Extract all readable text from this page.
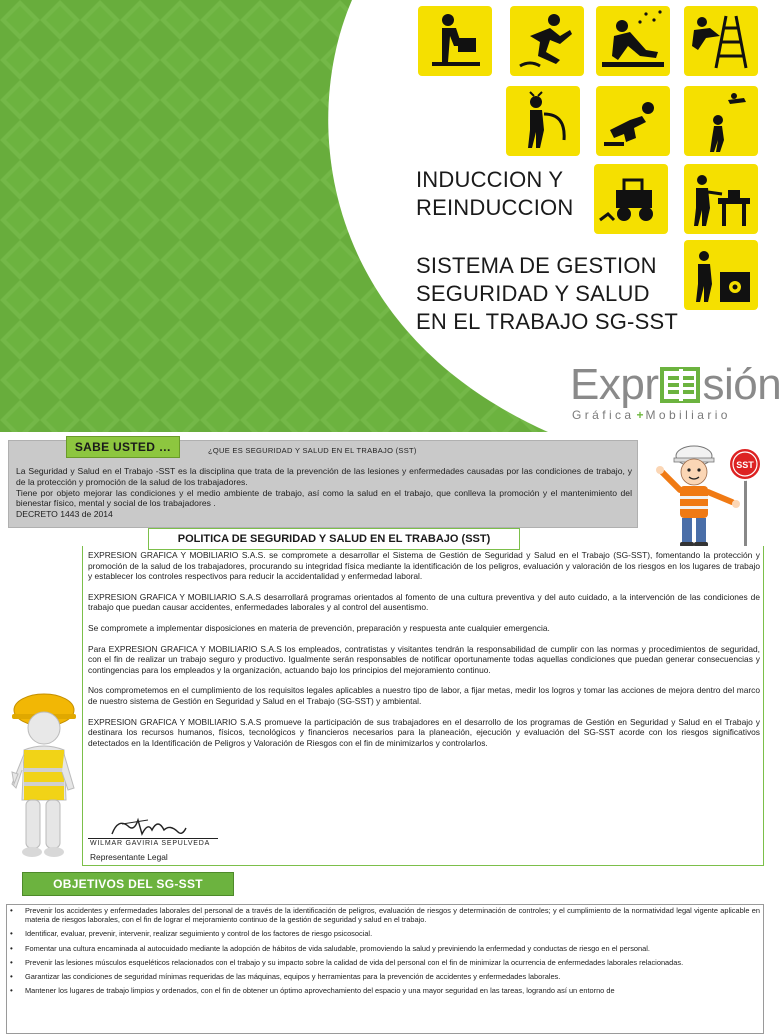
INDUCCION Y
REINDUCCION
SISTEMA DE GESTION
SEGURIDAD Y SALUD
EN EL TRABAJO SG-SST
Expr sión
Gráfica + Mobiliario
SABE USTED …	¿QUE ES SEGURIDAD Y SALUD EN EL TRABAJO (SST)

La Seguridad y Salud en el Trabajo -SST es la disciplina que trata de la prevención de las lesiones y enfermedades causadas por las condiciones de trabajo, y de la protección y promoción de la salud de los trabajadores.

Tiene por objeto mejorar las condiciones y el medio ambiente de trabajo, así como la salud en el trabajo, que conlleva la promoción y el mantenimiento del bienestar físico, mental y social de los trabajadores .

DECRETO 1443 de 2014

SST
POLITICA DE SEGURIDAD Y SALUD EN EL TRABAJO (SST)

EXPRESION GRAFICA Y MOBILIARIO S.A.S. se compromete a desarrollar el Sistema de Gestión de Seguridad y Salud en el Trabajo (SG-SST), fomentando la protección y promoción de la salud de los trabajadores, procurando su integridad física mediante la identificación de los peligros, evaluación y valoración de los riesgos en los lugares de trabajo y establecer los controles respectivos para reducir la accidentalidad y enfermedad laboral.

EXPRESION GRAFICA Y MOBILIARIO S.A.S desarrollará programas orientados al fomento de una cultura preventiva y del auto cuidado, a la intervención de las condiciones de trabajo que puedan causar accidentes, enfermedades laborales y al control del ausentismo.

Se compromete a implementar disposiciones en materia de prevención, preparación y respuesta ante cualquier emergencia.

Para EXPRESION GRAFICA Y MOBILIARIO S.A.S los empleados, contratistas y visitantes tendrán la responsabilidad de cumplir con las normas y procedimientos de seguridad, con el fin de realizar un trabajo seguro y productivo. Igualmente serán responsables de notificar oportunamente todas aquellas condiciones que puedan generar consecuencias y contingencias para los empleados y la organización, actuando bajo los principios del mejoramiento continuo.

Nos comprometemos en el cumplimiento de los requisitos legales aplicables a nuestro tipo de labor, a fijar metas, medir los logros y tomar las acciones de mejora dentro del marco de nuestro sistema de Gestión en Seguridad y Salud en el Trabajo (SG-SST) y ambiental.

EXPRESION GRAFICA Y MOBILIARIO S.A.S promueve la participación de sus trabajadores en el desarrollo de los programas de Gestión en Seguridad y Salud en el Trabajo y destinara los recursos humanos, físicos, tecnológicos y financieros necesarios para la planeación, ejecución y evaluación del SG-SST acorde con los riesgos significativos detectados en la Identificación de Peligros y Valoración de Riesgos con el fin de minimizarlos y controlarlos.

WILMAR GAVIRIA SEPULVEDA
Representante Legal
OBJETIVOS DEL SG-SST
• Prevenir los accidentes y enfermedades laborales del personal de a través de la identificación de peligros, evaluación de riesgos y determinación de controles; y el cumplimiento de la normatividad legal vigente aplicable en materia de riesgos laborales, con el fin de lograr el mejoramiento continuo de la gestión de seguridad y salud en el trabajo.
• Identificar, evaluar, prevenir, intervenir, realizar seguimiento y control de los factores de riesgo psicosocial.
• Fomentar una cultura encaminada al autocuidado mediante la adopción de hábitos de vida saludable, promoviendo la salud y previniendo la enfermedad y conductas de riesgo en el personal.
• Prevenir las lesiones músculos esqueléticos relacionados con el trabajo y su impacto sobre la calidad de vida del personal con el fin de minimizar la ocurrencia de enfermedades laborales relacionadas.
• Garantizar las condiciones de seguridad mínimas requeridas de las máquinas, equipos y herramientas para la prevención de accidentes y enfermedades laborales.
• Mantener los lugares de trabajo limpios y ordenados, con el fin de obtener un óptimo aprovechamiento del espacio y una mayor seguridad en las tareas, logrando así un entorno de
